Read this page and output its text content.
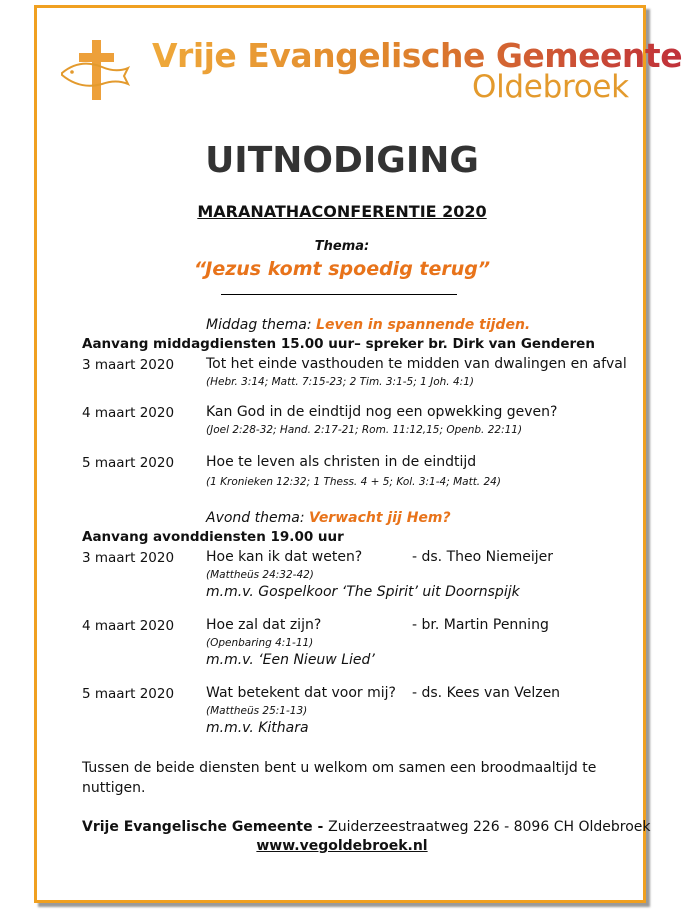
Vrije Evangelische Gemeente
Oldebroek
UITNODIGING
MARANATHACONFERENTIE 2020
Thema:
“Jezus komt spoedig terug”
Middag thema: Leven in spannende tijden.
Aanvang middagdiensten 15.00 uur– spreker br. Dirk van Genderen
3 maart 2020 Tot het einde vasthouden te midden van dwalingen en afval
(Hebr. 3:14; Matt. 7:15-23; 2 Tim. 3:1-5; 1 Joh. 4:1)
4 maart 2020 Kan God in de eindtijd nog een opwekking geven?
(Joel 2:28-32; Hand. 2:17-21; Rom. 11:12,15; Openb. 22:11)
5 maart 2020 Hoe te leven als christen in de eindtijd
(1 Kronieken 12:32; 1 Thess. 4 + 5; Kol. 3:1-4; Matt. 24)
Avond thema: Verwacht jij Hem?
Aanvang avonddiensten 19.00 uur
3 maart 2020 Hoe kan ik dat weten?	- ds. Theo Niemeijer
(Mattheüs 24:32-42)
m.m.v. Gospelkoor ‘The Spirit’ uit Doornspijk
4 maart 2020 Hoe zal dat zijn?	- br. Martin Penning
(Openbaring 4:1-11)
m.m.v. ‘Een Nieuw Lied’
5 maart 2020 Wat betekent dat voor mij? - ds. Kees van Velzen
(Mattheüs 25:1-13)
m.m.v. Kithara
Tussen de beide diensten bent u welkom om samen een broodmaaltijd te
nuttigen.
Vrije Evangelische Gemeente - Zuiderzeestraatweg 226 - 8096 CH Oldebroek
www.vegoldebroek.nl
